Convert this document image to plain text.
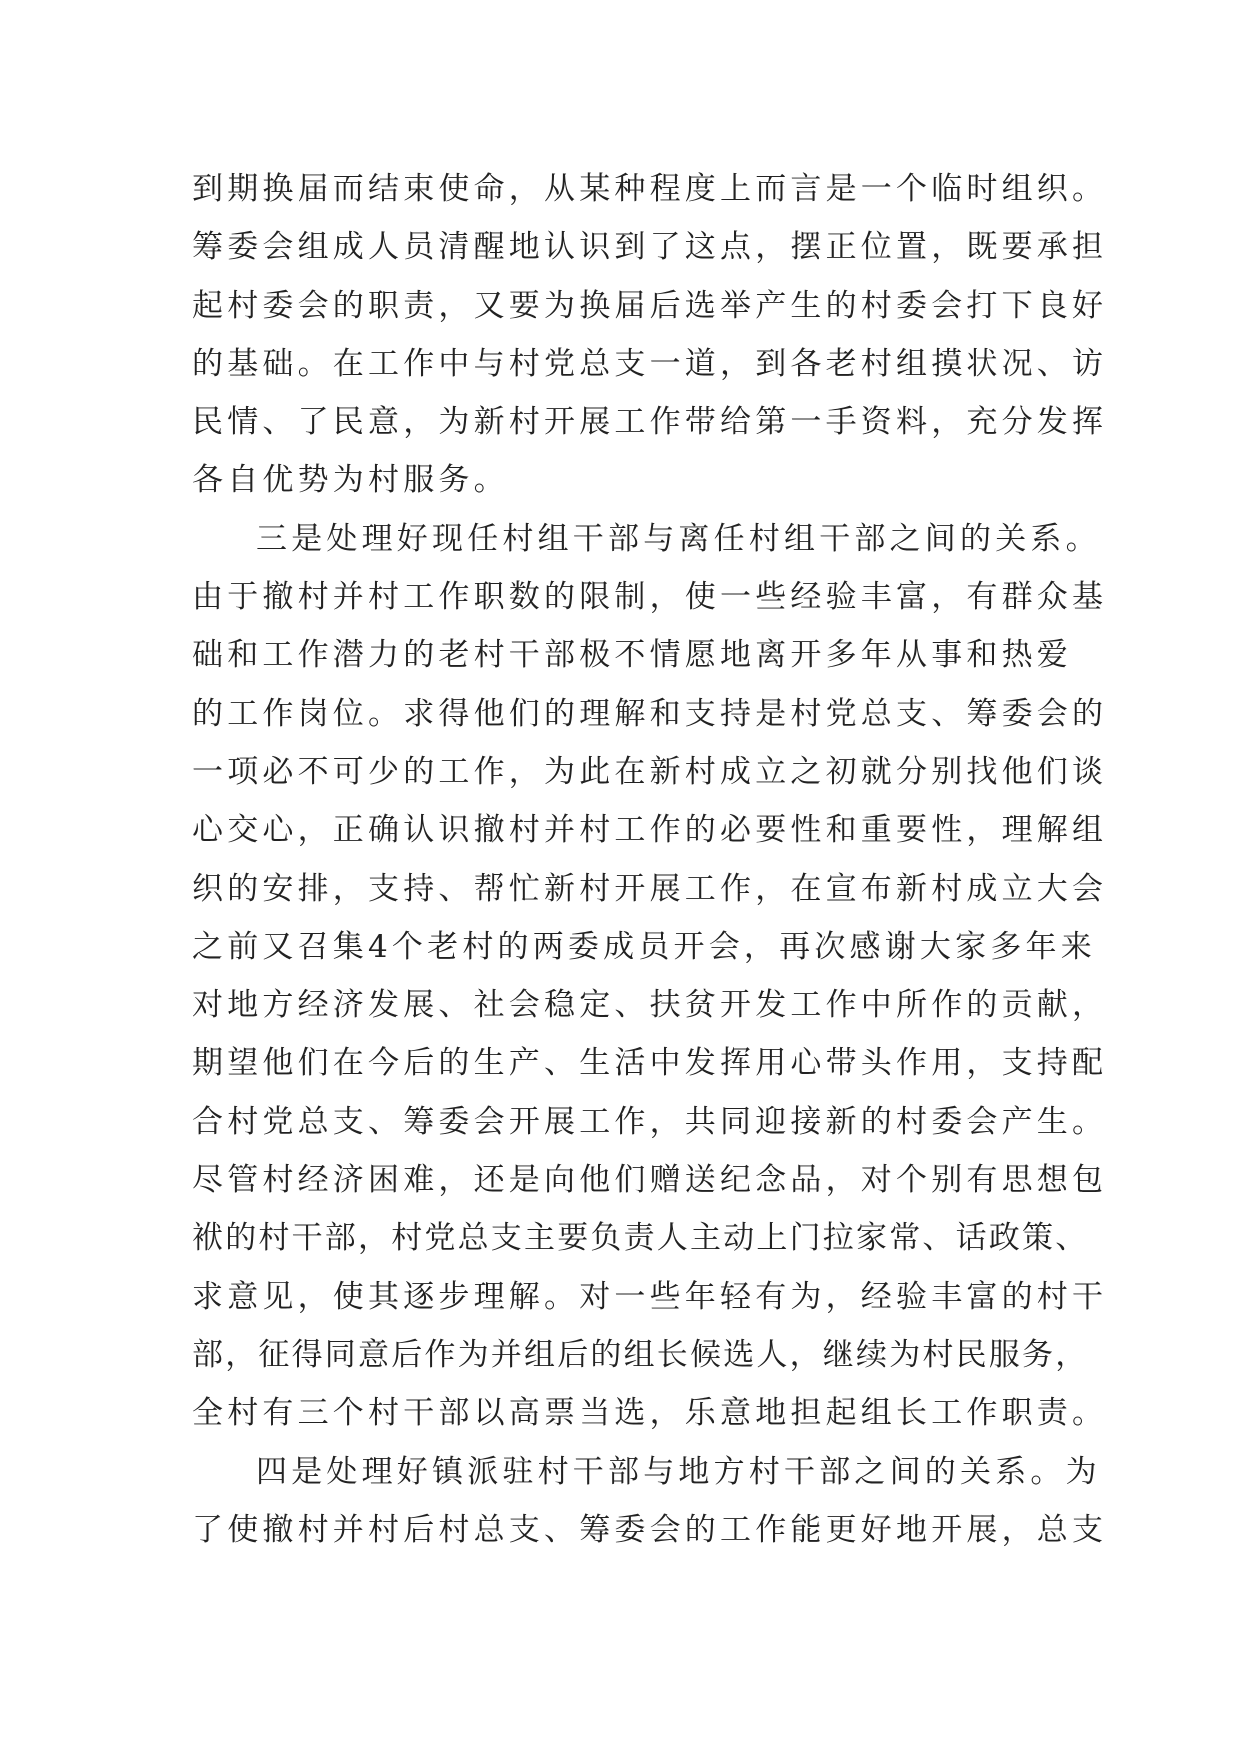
到期换届而结束使命，从某种程度上而言是一个临时组织。
筹委会组成人员清醒地认识到了这点，摆正位置，既要承担
起村委会的职责，又要为换届后选举产生的村委会打下良好
的基础。在工作中与村党总支一道，到各老村组摸状况、访
民情、了民意，为新村开展工作带给第一手资料，充分发挥
各自优势为村服务。
三是处理好现任村组干部与离任村组干部之间的关系。
由于撤村并村工作职数的限制，使一些经验丰富，有群众基
础和工作潜力的老村干部极不情愿地离开多年从事和热爱
的工作岗位。求得他们的理解和支持是村党总支、筹委会的
一项必不可少的工作，为此在新村成立之初就分别找他们谈
心交心，正确认识撤村并村工作的必要性和重要性，理解组
织的安排，支持、帮忙新村开展工作，在宣布新村成立大会
之前又召集4个老村的两委成员开会，再次感谢大家多年来
对地方经济发展、社会稳定、扶贫开发工作中所作的贡献，
期望他们在今后的生产、生活中发挥用心带头作用，支持配
合村党总支、筹委会开展工作，共同迎接新的村委会产生。
尽管村经济困难，还是向他们赠送纪念品，对个别有思想包
袱的村干部，村党总支主要负责人主动上门拉家常、话政策、
求意见，使其逐步理解。对一些年轻有为，经验丰富的村干
部，征得同意后作为并组后的组长候选人，继续为村民服务，
全村有三个村干部以高票当选，乐意地担起组长工作职责。
四是处理好镇派驻村干部与地方村干部之间的关系。为
了使撤村并村后村总支、筹委会的工作能更好地开展，总支
